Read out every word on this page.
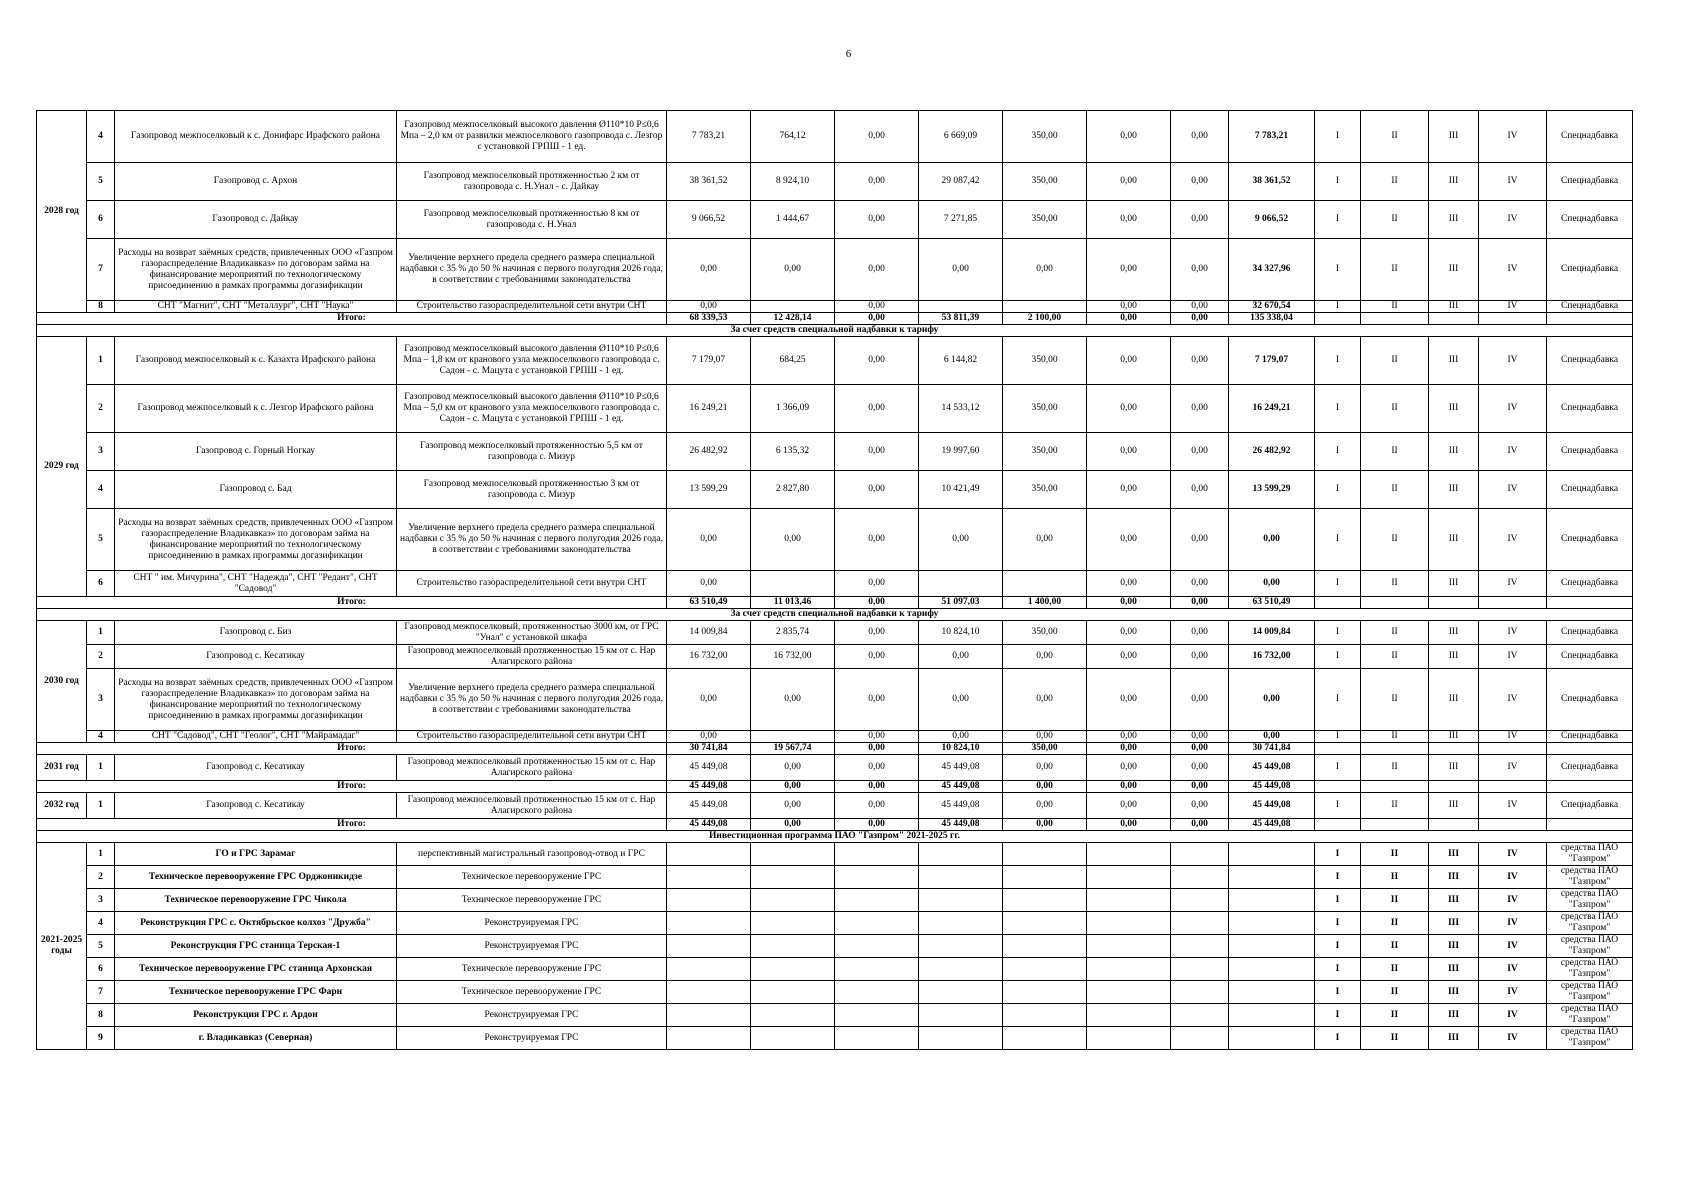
6
2028 год	4	Газопровод межпоселковый к с. Донифарс Ирафского района	Газопровод межпоселковый высокого давления Ø110*10 P≤0,6 Мпа – 2,0 км от развилки межпоселкового газопровода с. Лезгор с установкой ГРПШ - 1 ед.	7 783,21	764,12	0,00	6 669,09	350,00	0,00	0,00	7 783,21	I	II	III	IV	Спецнадбавка
	5	Газопровод с. Архон	Газопровод межпоселковый протяженностью 2 км от газопровода с. Н.Унал - с. Дайкау	38 361,52	8 924,10	0,00	29 087,42	350,00	0,00	0,00	38 361,52	I	II	III	IV	Спецнадбавка
	6	Газопровод с. Дайкау	Газопровод межпоселковый протяженностью 8 км от газопровода с. Н.Унал	9 066,52	1 444,67	0,00	7 271,85	350,00	0,00	0,00	9 066,52	I	II	III	IV	Спецнадбавка
	7	Расходы на возврат заёмных средств, привлеченных ООО «Газпром газораспределение Владикавказ» по договорам займа на финансирование мероприятий по технологическому присоединению в рамках программы догазификации	Увеличение верхнего предела среднего размера специальной надбавки с 35 % до 50 % начиная с первого полугодия 2026 года, в соответствии с требованиями законодательства	0,00	0,00	0,00	0,00	0,00	0,00	0,00	34 327,96	I	II	III	IV	Спецнадбавка
	8	СНТ "Магнит", СНТ "Металлург", СНТ "Наука"	Строительство газораспределительной сети внутри СНТ	0,00		0,00			0,00	0,00	32 670,54	I	II	III	IV	Спецнадбавка
Итого:				68 339,53	12 428,14	0,00	53 811,39	2 100,00	0,00	0,00	135 338,04					
За счет средств специальной надбавки к тарифу																
2029 год	1	Газопровод межпоселковый к с. Казахта Ирафского района	Газопровод межпоселковый высокого давления Ø110*10 P≤0,6 Мпа – 1,8 км от кранового узла межпоселкового газопровода с. Садон - с. Мацута с установкой ГРПШ - 1 ед.	7 179,07	684,25	0,00	6 144,82	350,00	0,00	0,00	7 179,07	I	II	III	IV	Спецнадбавка
	2	Газопровод межпоселковый к с. Лезгор Ирафского района	Газопровод межпоселковый высокого давления Ø110*10 P≤0,6 Мпа – 5,0 км от кранового узла межпоселкового газопровода с. Садон - с. Мацута с установкой ГРПШ - 1 ед.	16 249,21	1 366,09	0,00	14 533,12	350,00	0,00	0,00	16 249,21	I	II	III	IV	Спецнадбавка
	3	Газопровод с. Горный Ногкау	Газопровод межпоселковый протяженностью 5,5 км от газопровода с. Мизур	26 482,92	6 135,32	0,00	19 997,60	350,00	0,00	0,00	26 482,92	I	II	III	IV	Спецнадбавка
	4	Газопровод с. Бад	Газопровод межпоселковый протяженностью 3 км от газопровода с. Мизур	13 599,29	2 827,80	0,00	10 421,49	350,00	0,00	0,00	13 599,29	I	II	III	IV	Спецнадбавка
	5	Расходы на возврат заёмных средств, привлеченных ООО «Газпром газораспределение Владикавказ» по договорам займа на финансирование мероприятий по технологическому присоединению в рамках программы догазификации	Увеличение верхнего предела среднего размера специальной надбавки с 35 % до 50 % начиная с первого полугодия 2026 года, в соответствии с требованиями законодательства	0,00	0,00	0,00	0,00	0,00	0,00	0,00	0,00	I	II	III	IV	Спецнадбавка
	6	СНТ " им. Мичурина", СНТ "Надежда", СНТ "Редант", СНТ "Садовод"	Строительство газораспределительной сети внутри СНТ	0,00		0,00			0,00	0,00	0,00	I	II	III	IV	Спецнадбавка
Итого:				63 510,49	11 013,46	0,00	51 097,03	1 400,00	0,00	0,00	63 510,49					
За счет средств специальной надбавки к тарифу																
2030 год	1	Газопровод с. Биз	Газопровод межпоселковый, протяженностью 3000 км, от ГРС "Унал" с установкой шкафа	14 009,84	2 835,74	0,00	10 824,10	350,00	0,00	0,00	14 009,84	I	II	III	IV	Спецнадбавка
	2	Газопровод с. Кесатикау	Газопровод межпоселковый протяженностью 15 км от с. Нар Алагирского района	16 732,00	16 732,00	0,00	0,00	0,00	0,00	0,00	16 732,00	I	II	III	IV	Спецнадбавка
	3	Расходы на возврат заёмных средств, привлеченных ООО «Газпром газораспределение Владикавказ» по договорам займа на финансирование мероприятий по технологическому присоединению в рамках программы догазификации	Увеличение верхнего предела среднего размера специальной надбавки с 35 % до 50 % начиная с первого полугодия 2026 года, в соответствии с требованиями законодательства	0,00	0,00	0,00	0,00	0,00	0,00	0,00	0,00	I	II	III	IV	Спецнадбавка
	4	СНТ "Садовод", СНТ "Геолог", СНТ "Майрамадаг"	Строительство газораспределительной сети внутри СНТ	0,00		0,00	0,00	0,00	0,00	0,00	0,00	I	II	III	IV	Спецнадбавка
Итого:				30 741,84	19 567,74	0,00	10 824,10	350,00	0,00	0,00	30 741,84					
2031 год	1	Газопровод с. Кесатикау	Газопровод межпоселковый протяженностью 15 км от с. Нар Алагирского района	45 449,08	0,00	0,00	45 449,08	0,00	0,00	0,00	45 449,08	I	II	III	IV	Спецнадбавка
Итого:				45 449,08	0,00	0,00	45 449,08	0,00	0,00	0,00	45 449,08					
2032 год	1	Газопровод с. Кесатикау	Газопровод межпоселковый протяженностью 15 км от с. Нар Алагирского района	45 449,08	0,00	0,00	45 449,08	0,00	0,00	0,00	45 449,08	I	II	III	IV	Спецнадбавка
Итого:				45 449,08	0,00	0,00	45 449,08	0,00	0,00	0,00	45 449,08					
Инвестиционная программа ПАО "Газпром" 2021-2025 гг.																
2021-2025 годы	1	ГО и ГРС Зарамаг	перспективный магистральный газопровод-отвод и ГРС									I	II	III	IV	средства ПАО "Газпром"
	2	Техническое перевооружение ГРС Орджоникидзе	Техническое перевооружение ГРС									I	II	III	IV	средства ПАО "Газпром"
	3	Техническое перевооружение ГРС Чикола	Техническое перевооружение ГРС									I	II	III	IV	средства ПАО "Газпром"
	4	Реконструкция ГРС с. Октябрьское колхоз "Дружба"	Реконструируемая ГРС									I	II	III	IV	средства ПАО "Газпром"
	5	Реконструкция ГРС станица Терская-1	Реконструируемая ГРС									I	II	III	IV	средства ПАО "Газпром"
	6	Техническое перевооружение ГРС станица Архонская	Техническое перевооружение ГРС									I	II	III	IV	средства ПАО "Газпром"
	7	Техническое перевооружение ГРС Фарн	Техническое перевооружение ГРС									I	II	III	IV	средства ПАО "Газпром"
	8	Реконструкция ГРС г. Ардон	Реконструируемая ГРС									I	II	III	IV	средства ПАО "Газпром"
	9	г. Владикавказ (Северная)	Реконструируемая ГРС									I	II	III	IV	средства ПАО "Газпром"
